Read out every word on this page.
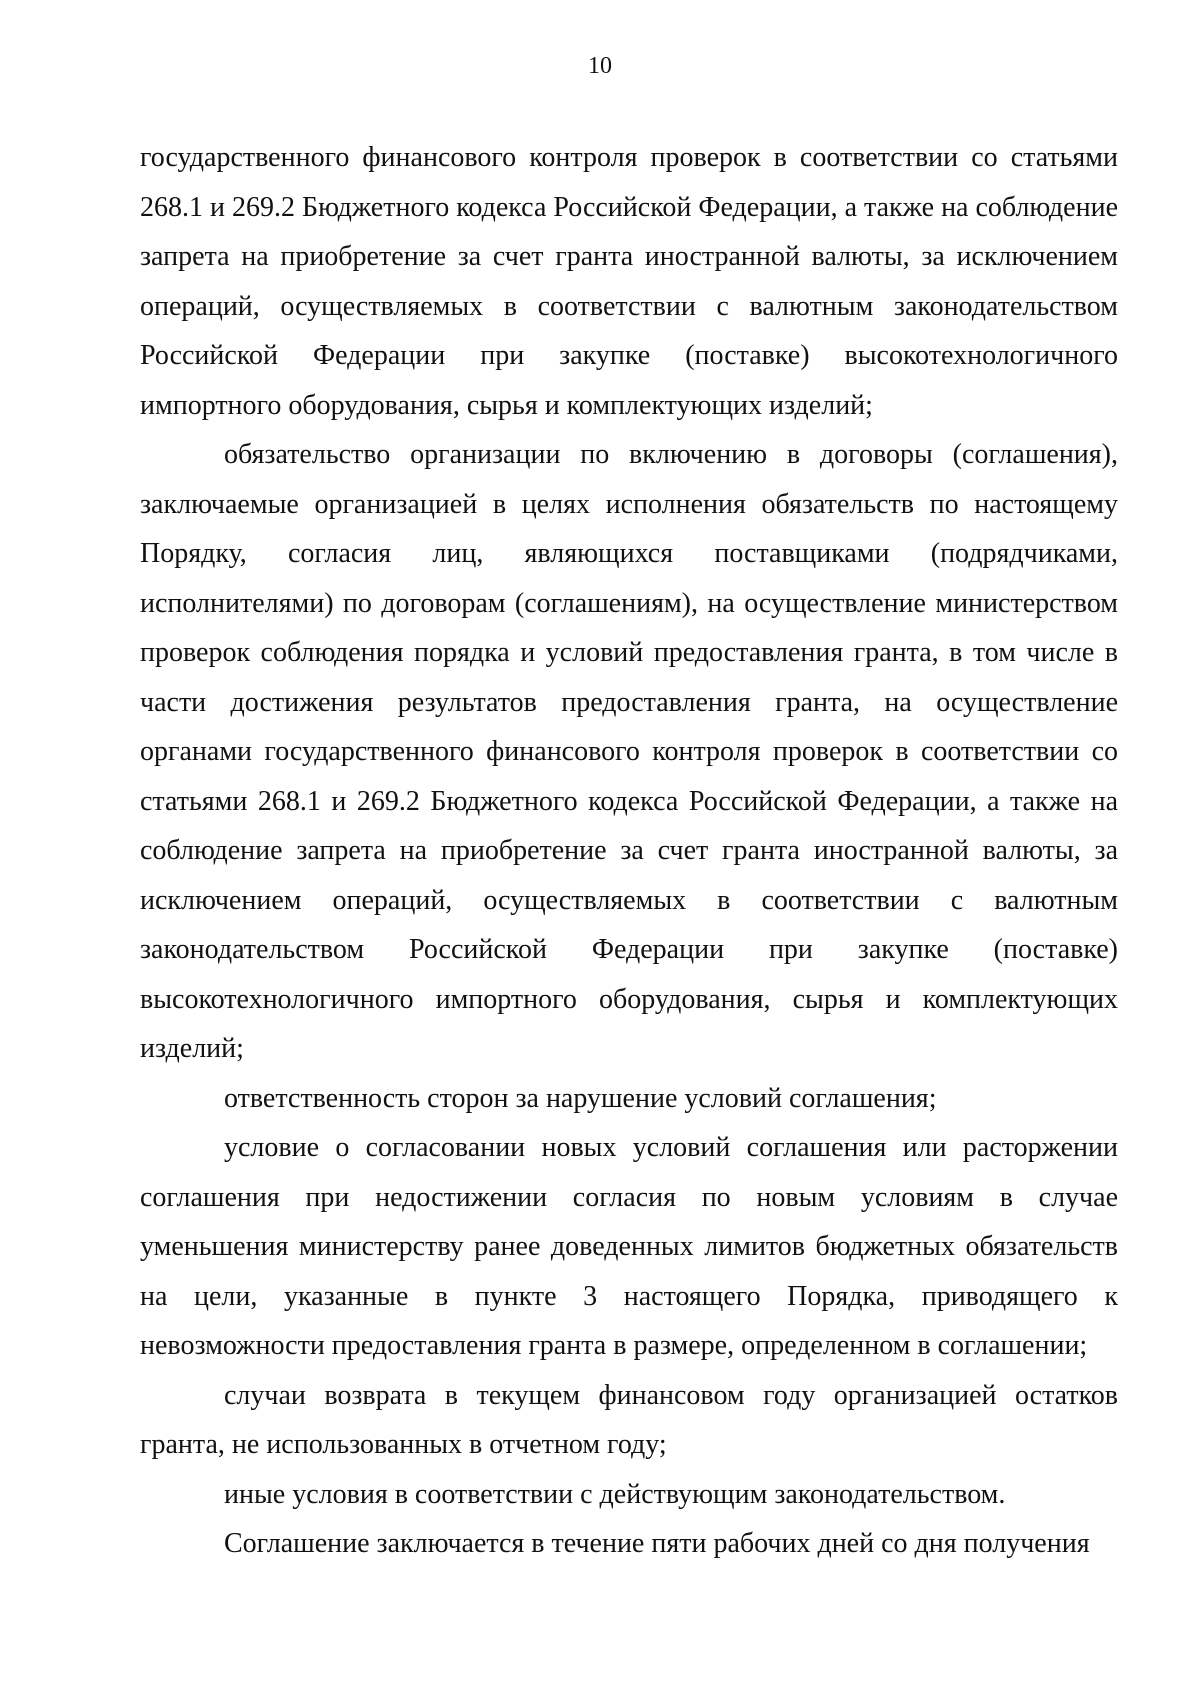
10

государственного финансового контроля проверок в соответствии со статьями 268.1 и 269.2 Бюджетного кодекса Российской Федерации, а также на соблюдение запрета на приобретение за счет гранта иностранной валюты, за исключением операций, осуществляемых в соответствии с валютным законодательством Российской Федерации при закупке (поставке) высокотехнологичного импортного оборудования, сырья и комплектующих изделий;

обязательство организации по включению в договоры (соглашения), заключаемые организацией в целях исполнения обязательств по настоящему Порядку, согласия лиц, являющихся поставщиками (подрядчиками, исполнителями) по договорам (соглашениям), на осуществление министерством проверок соблюдения порядка и условий предоставления гранта, в том числе в части достижения результатов предоставления гранта, на осуществление органами государственного финансового контроля проверок в соответствии со статьями 268.1 и 269.2 Бюджетного кодекса Российской Федерации, а также на соблюдение запрета на приобретение за счет гранта иностранной валюты, за исключением операций, осуществляемых в соответствии с валютным законодательством Российской Федерации при закупке (поставке) высокотехнологичного импортного оборудования, сырья и комплектующих изделий;

ответственность сторон за нарушение условий соглашения;

условие о согласовании новых условий соглашения или расторжении соглашения при недостижении согласия по новым условиям в случае уменьшения министерству ранее доведенных лимитов бюджетных обязательств на цели, указанные в пункте 3 настоящего Порядка, приводящего к невозможности предоставления гранта в размере, определенном в соглашении;

случаи возврата в текущем финансовом году организацией остатков гранта, не использованных в отчетном году;

иные условия в соответствии с действующим законодательством.

Соглашение заключается в течение пяти рабочих дней со дня получения
